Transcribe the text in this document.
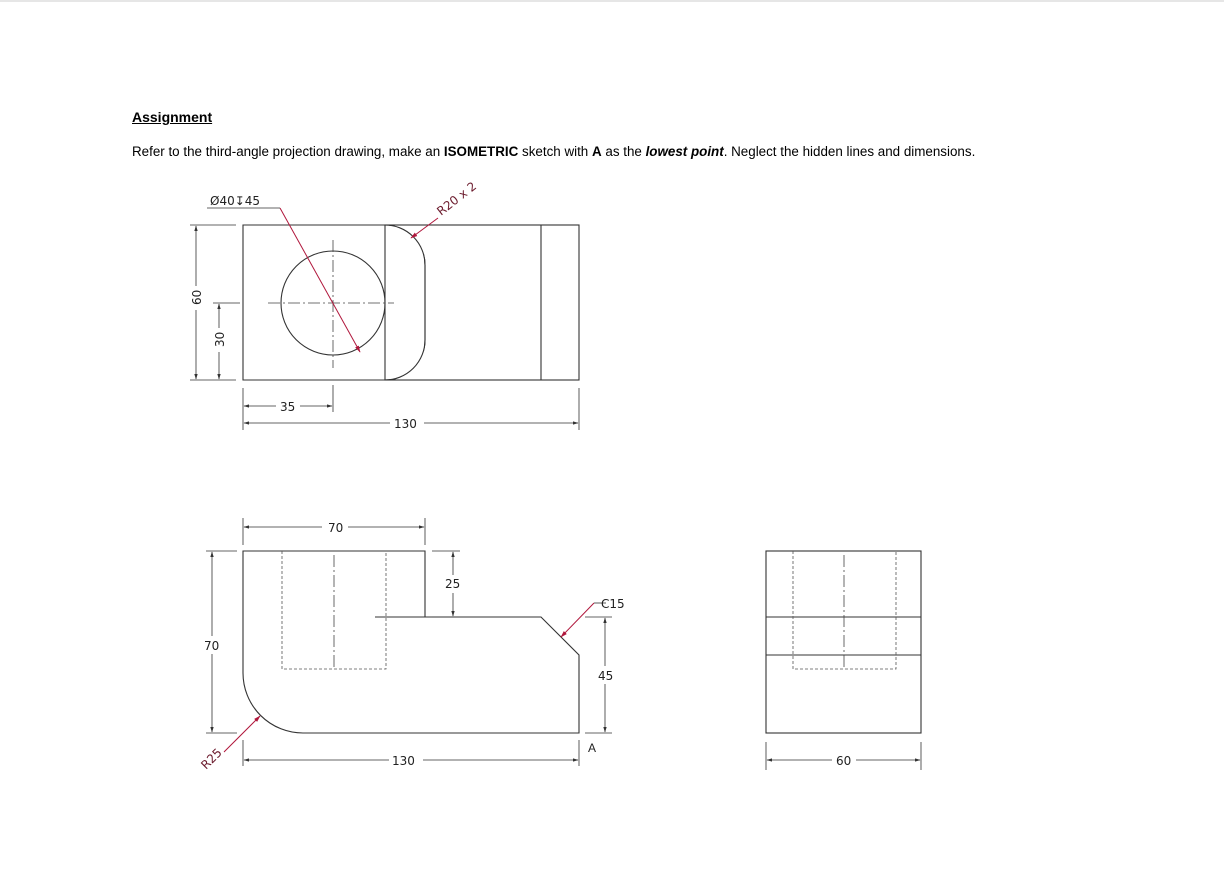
Assignment

Refer to the third-angle projection drawing, make an ISOMETRIC sketch with A as the lowest point. Neglect the hidden lines and dimensions.

Ø40↧45	R20 x 2
60
30
35
130
70
25
70
C15
45
R25	130
A
60
